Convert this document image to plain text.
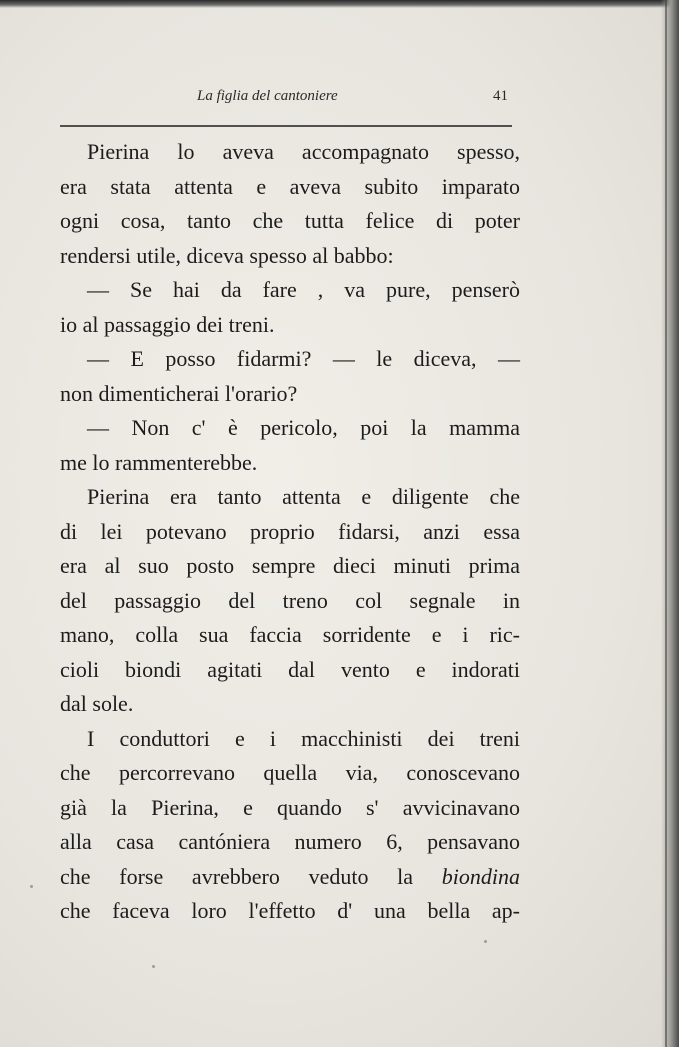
La figlia del cantoniere	41
Pierina lo aveva accompagnato spesso,
era stata attenta e aveva subito imparato
ogni cosa, tanto che tutta felice di poter
rendersi utile, diceva spesso al babbo:
— Se hai da fare , va pure, penserò
io al passaggio dei treni.
— E posso fidarmi? — le diceva, —
non dimenticherai l'orario?
— Non c' è pericolo, poi la mamma
me lo rammenterebbe.
Pierina era tanto attenta e diligente che
di lei potevano proprio fidarsi, anzi essa
era al suo posto sempre dieci minuti prima
del passaggio del treno col segnale in
mano, colla sua faccia sorridente e i ric-
cioli biondi agitati dal vento e indorati
dal sole.
I conduttori e i macchinisti dei treni
che percorrevano quella via, conoscevano
già la Pierina, e quando s' avvicinavano
alla casa cantóniera numero 6, pensavano
che forse avrebbero veduto la biondina
che faceva loro l'effetto d' una bella ap-
